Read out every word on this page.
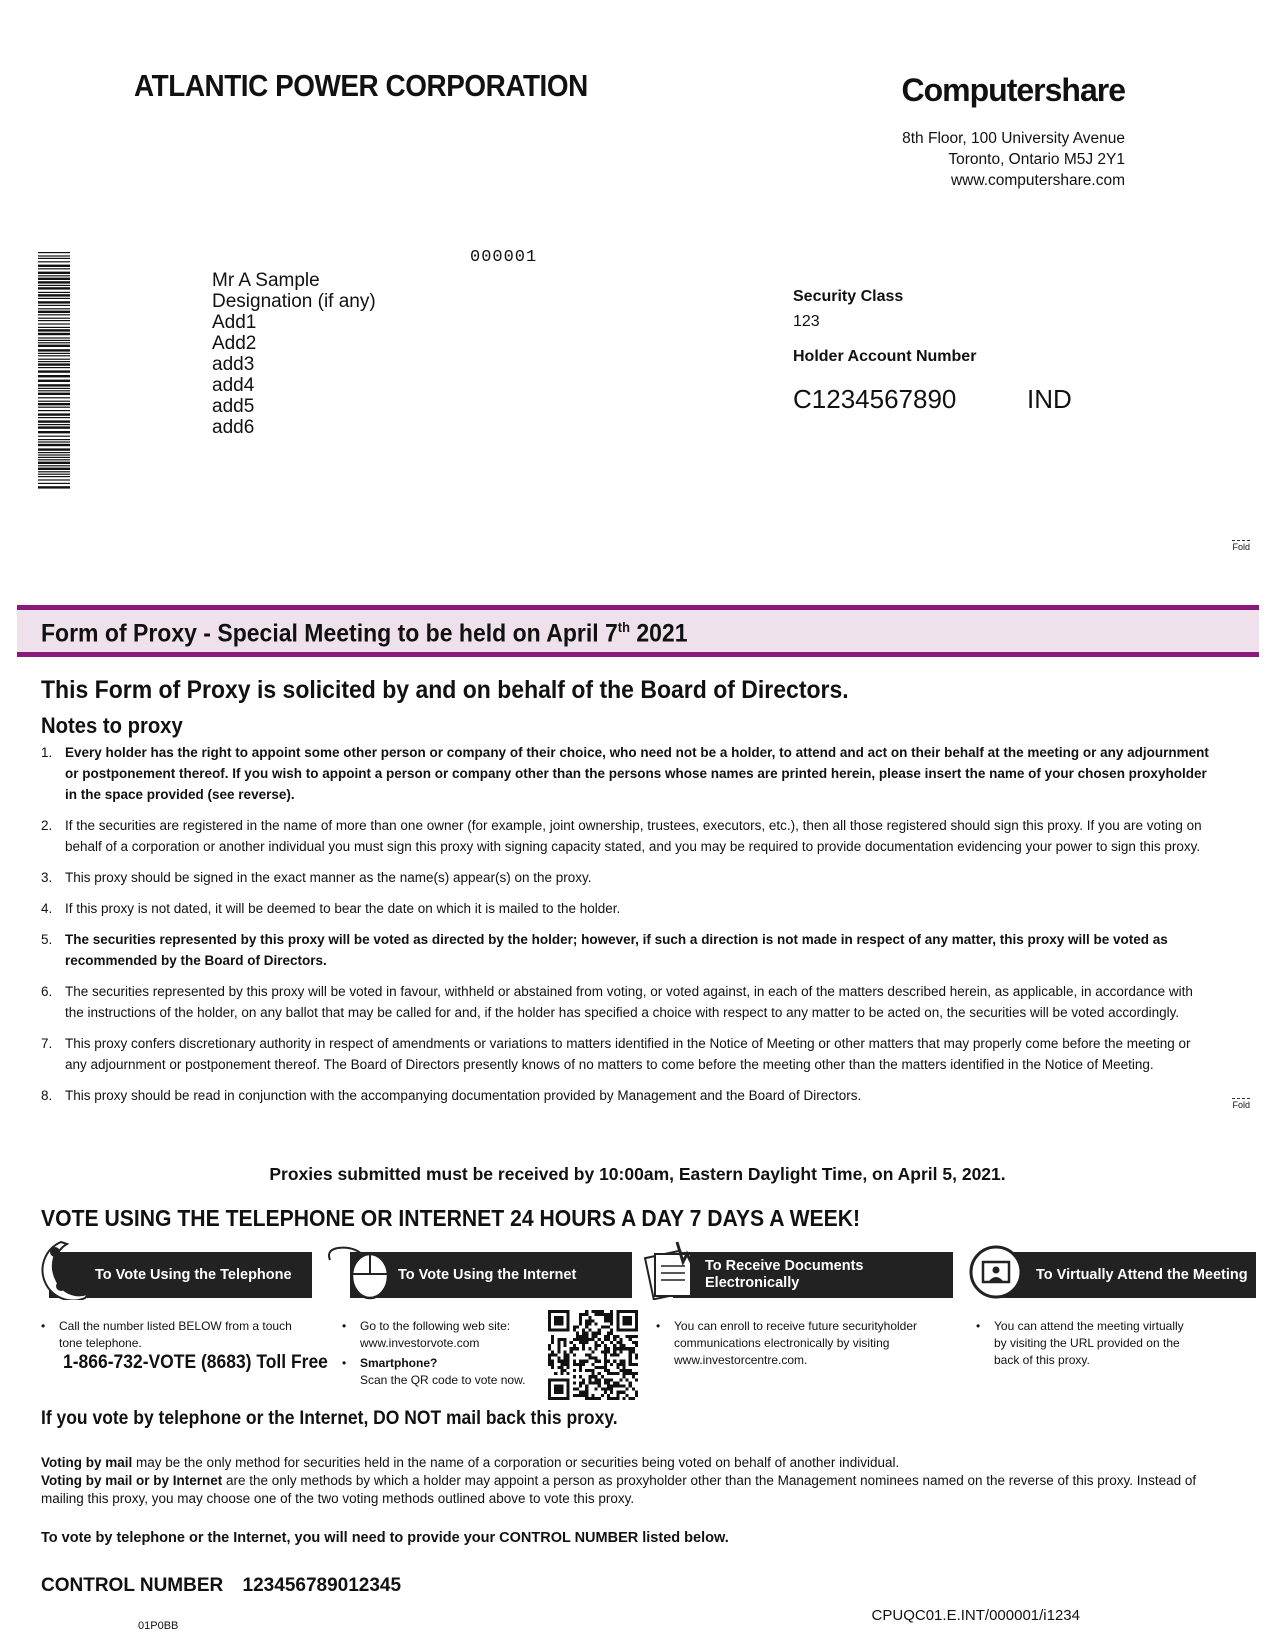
ATLANTIC POWER CORPORATION	Computershare
8th Floor, 100 University Avenue
Toronto, Ontario M5J 2Y1
www.computershare.com
000001
Mr A Sample
Designation (if any)
Add1
Add2
add3
add4
add5
add6
Security Class
123
Holder Account Number
C1234567890	IND
Fold
Fold
Form of Proxy - Special Meeting to be held on April 7th 2021
This Form of Proxy is solicited by and on behalf of the Board of Directors.
Notes to proxy
1. Every holder has the right to appoint some other person or company of their choice, who need not be a holder, to attend and act on their behalf at the meeting or any adjournment or postponement thereof. If you wish to appoint a person or company other than the persons whose names are printed herein, please insert the name of your chosen proxyholder in the space provided (see reverse).
2. If the securities are registered in the name of more than one owner (for example, joint ownership, trustees, executors, etc.), then all those registered should sign this proxy. If you are voting on behalf of a corporation or another individual you must sign this proxy with signing capacity stated, and you may be required to provide documentation evidencing your power to sign this proxy.
3. This proxy should be signed in the exact manner as the name(s) appear(s) on the proxy.
4. If this proxy is not dated, it will be deemed to bear the date on which it is mailed to the holder.
5. The securities represented by this proxy will be voted as directed by the holder; however, if such a direction is not made in respect of any matter, this proxy will be voted as recommended by the Board of Directors.
6. The securities represented by this proxy will be voted in favour, withheld or abstained from voting, or voted against, in each of the matters described herein, as applicable, in accordance with the instructions of the holder, on any ballot that may be called for and, if the holder has specified a choice with respect to any matter to be acted on, the securities will be voted accordingly.
7. This proxy confers discretionary authority in respect of amendments or variations to matters identified in the Notice of Meeting or other matters that may properly come before the meeting or any adjournment or postponement thereof. The Board of Directors presently knows of no matters to come before the meeting other than the matters identified in the Notice of Meeting.
8. This proxy should be read in conjunction with the accompanying documentation provided by Management and the Board of Directors.
Proxies submitted must be received by 10:00am, Eastern Daylight Time, on April 5, 2021.
VOTE USING THE TELEPHONE OR INTERNET 24 HOURS A DAY 7 DAYS A WEEK!
To Vote Using the Telephone
•	Call the number listed BELOW from a touch tone telephone.
1-866-732-VOTE (8683) Toll Free
To Vote Using the Internet
•	Go to the following web site: www.investorvote.com
•	Smartphone?
Scan the QR code to vote now.
To Receive Documents Electronically
•	You can enroll to receive future securityholder communications electronically by visiting www.investorcentre.com.
To Virtually Attend the Meeting
•	You can attend the meeting virtually by visiting the URL provided on the back of this proxy.
If you vote by telephone or the Internet, DO NOT mail back this proxy.
Voting by mail may be the only method for securities held in the name of a corporation or securities being voted on behalf of another individual.
Voting by mail or by Internet are the only methods by which a holder may appoint a person as proxyholder other than the Management nominees named on the reverse of this proxy. Instead of mailing this proxy, you may choose one of the two voting methods outlined above to vote this proxy.
To vote by telephone or the Internet, you will need to provide your CONTROL NUMBER listed below.
CONTROL NUMBER 123456789012345
01P0BB
CPUQC01.E.INT/000001/i1234
